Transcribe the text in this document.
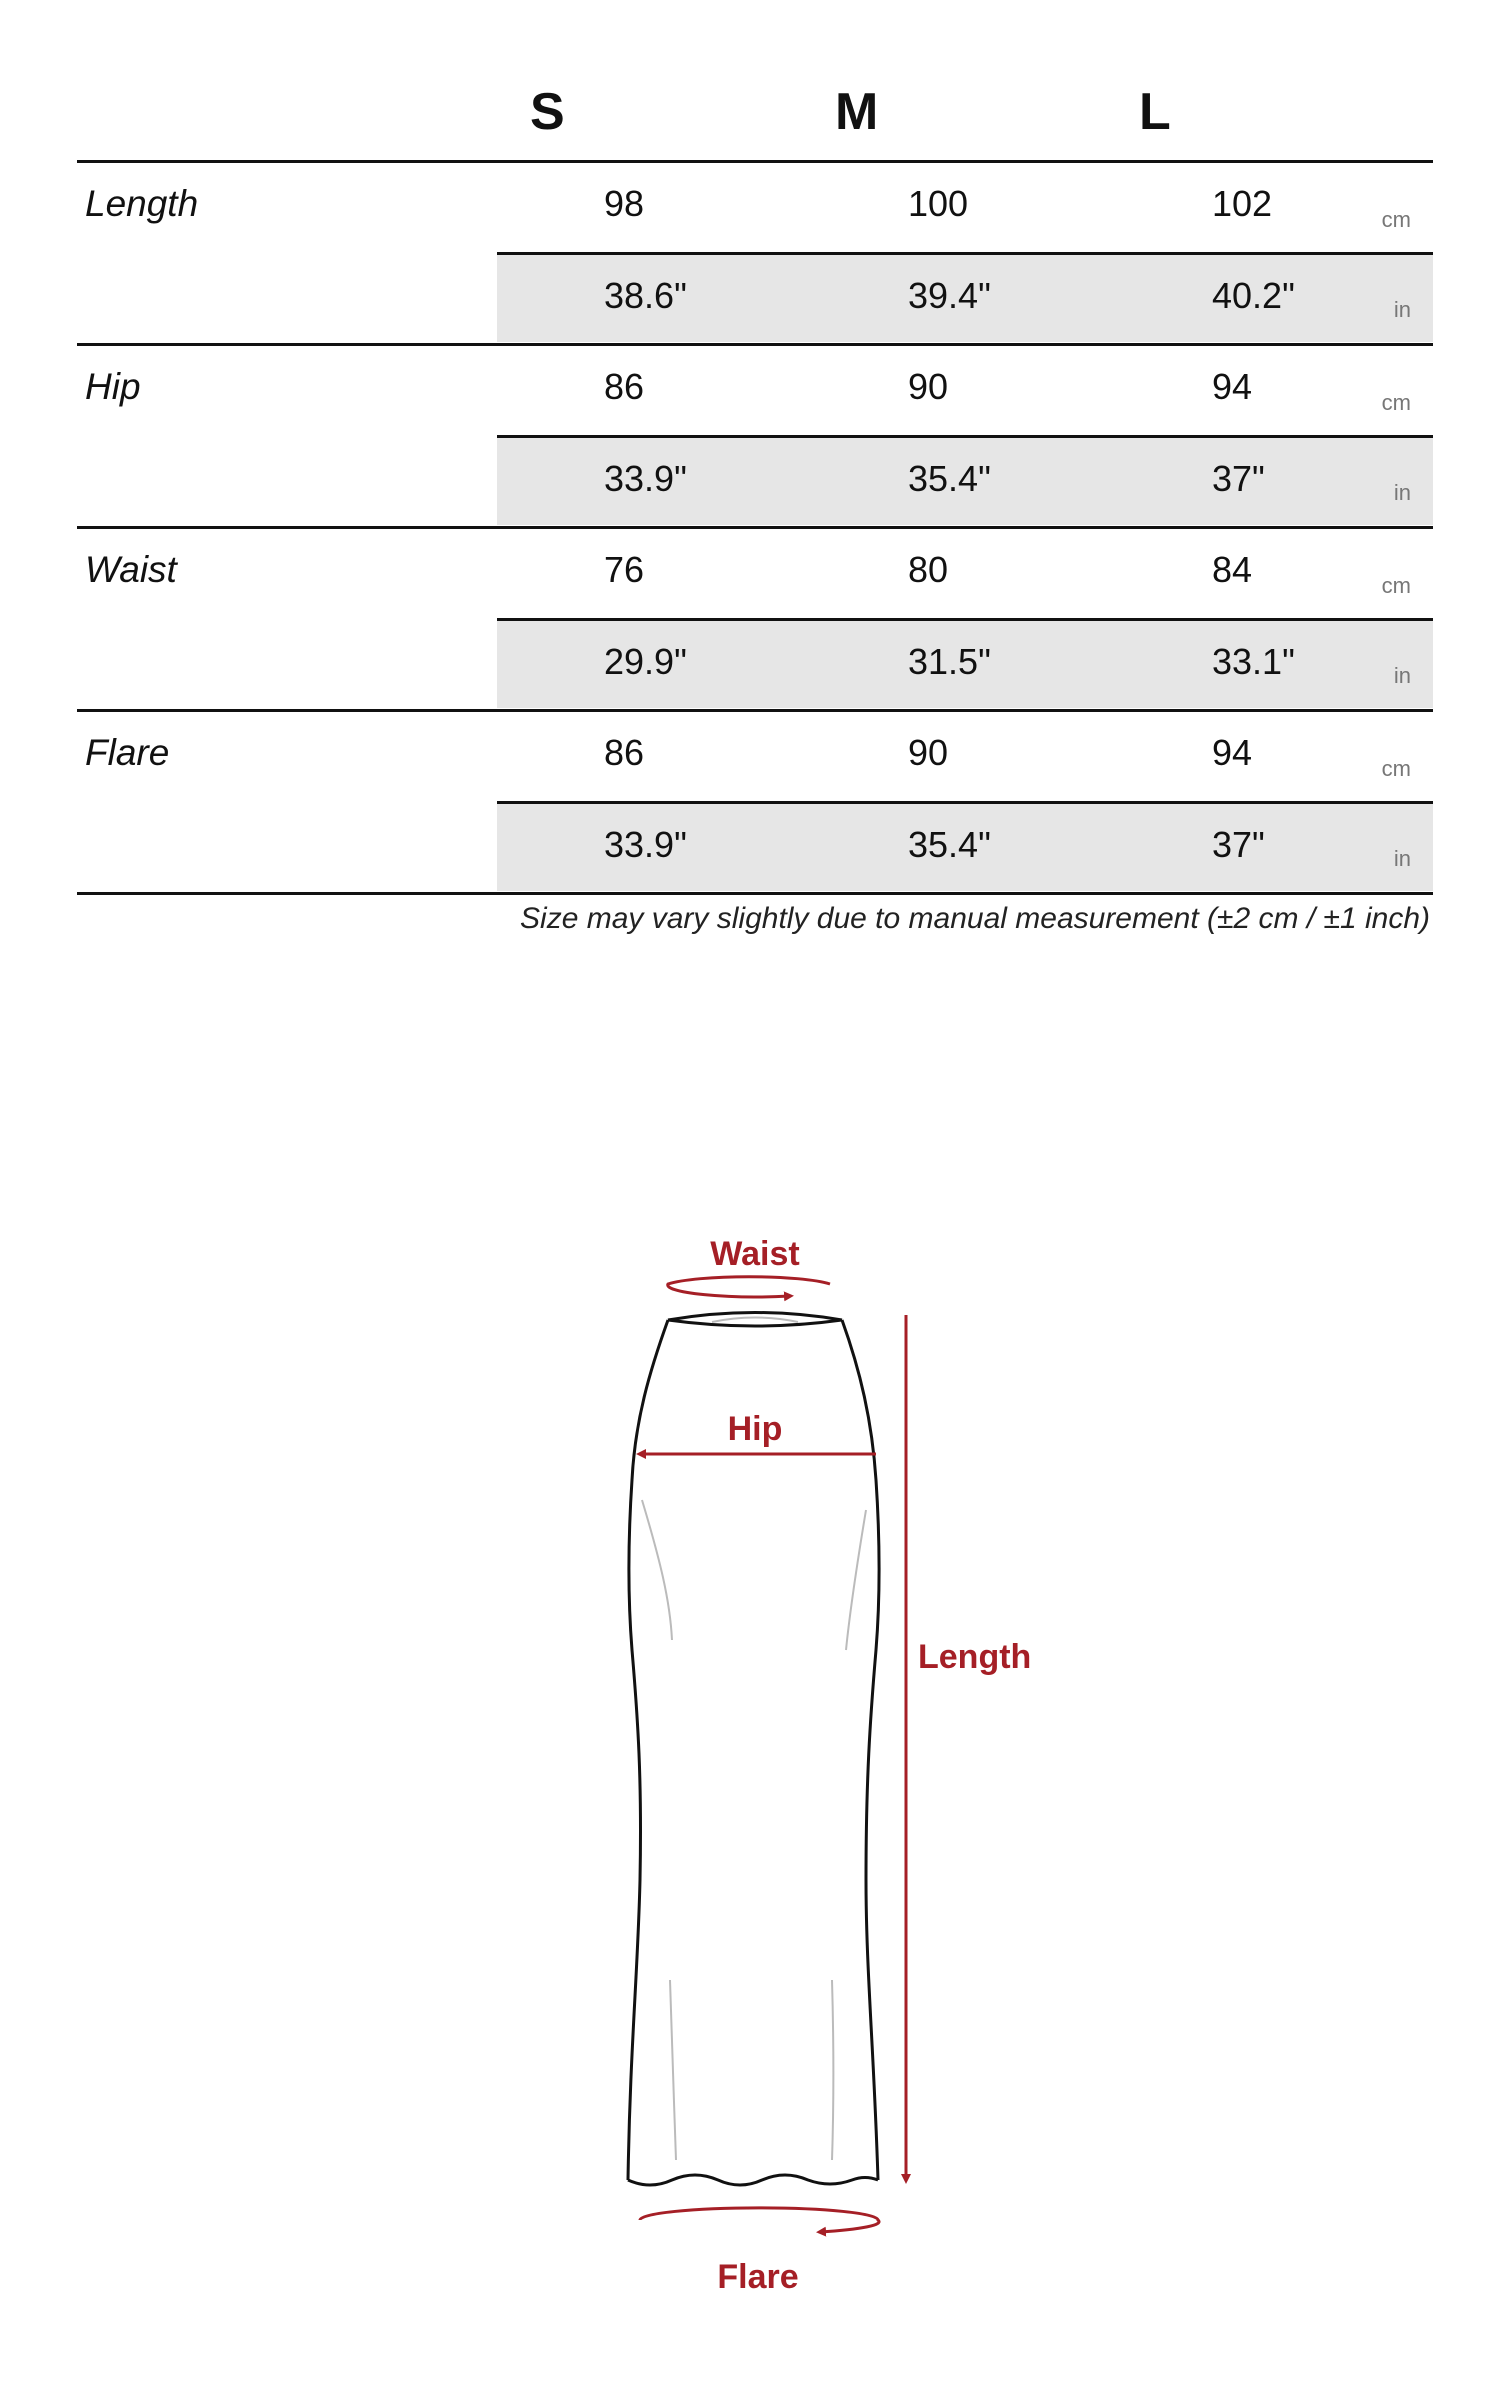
S	M	L
Length	98	100	102	cm
38.6"	39.4"	40.2"	in
Hip	86	90	94	cm
33.9"	35.4"	37"	in
Waist	76	80	84	cm
29.9"	31.5"	33.1"	in
Flare	86	90	94	cm
33.9"	35.4"	37"	in
Size may vary slightly due to manual measurement (±2 cm / ±1 inch)
Waist
Hip
Length
Flare
